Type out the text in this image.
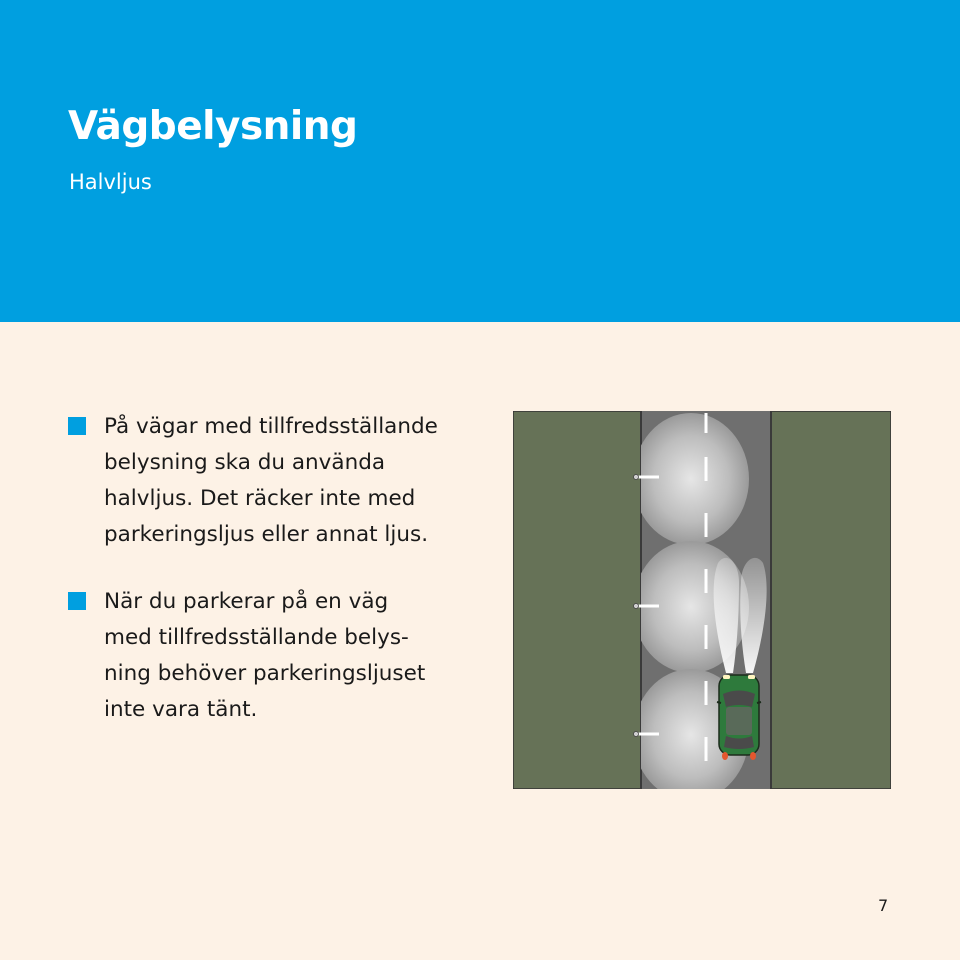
Vägbelysning
Halvljus
På vägar med tillfredsställande
belysning ska du använda
halvljus. Det räcker inte med
parkeringsljus eller annat ljus.
När du parkerar på en väg
med tillfredsställande belys-
ning behöver parkeringsljuset
inte vara tänt.
7
